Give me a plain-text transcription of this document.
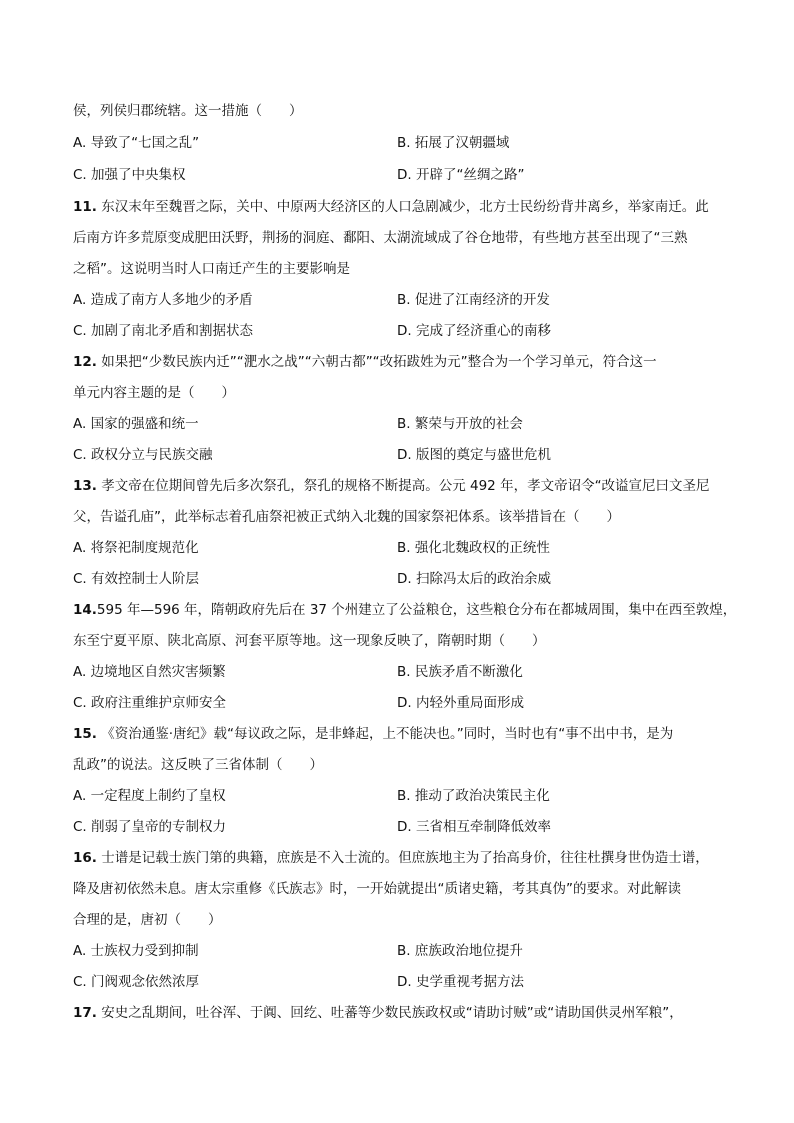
侯，列侯归郡统辖。这一措施（　　）
A. 导致了“七国之乱”	B. 拓展了汉朝疆域
C. 加强了中央集权	D. 开辟了“丝绸之路”
11. 东汉末年至魏晋之际，关中、中原两大经济区的人口急剧减少，北方士民纷纷背井离乡，举家南迁。此
后南方许多荒原变成肥田沃野，荆扬的洞庭、鄱阳、太湖流域成了谷仓地带，有些地方甚至出现了“三熟
之稻”。这说明当时人口南迁产生的主要影响是
A. 造成了南方人多地少的矛盾	B. 促进了江南经济的开发
C. 加剧了南北矛盾和割据状态	D. 完成了经济重心的南移
12. 如果把“少数民族内迁”“淝水之战”“六朝古都”“改拓跋姓为元”整合为一个学习单元，符合这一
单元内容主题的是（　　）
A. 国家的强盛和统一	B. 繁荣与开放的社会
C. 政权分立与民族交融	D. 版图的奠定与盛世危机
13. 孝文帝在位期间曾先后多次祭孔，祭孔的规格不断提高。公元 492 年，孝文帝诏令“改谥宣尼曰文圣尼
父，告谥孔庙”，此举标志着孔庙祭祀被正式纳入北魏的国家祭祀体系。该举措旨在（　　）
A. 将祭祀制度规范化	B. 强化北魏政权的正统性
C. 有效控制士人阶层	D. 扫除冯太后的政治余威
14.595 年—596 年，隋朝政府先后在 37 个州建立了公益粮仓，这些粮仓分布在都城周围，集中在西至敦煌，
东至宁夏平原、陕北高原、河套平原等地。这一现象反映了，隋朝时期（　　）
A. 边境地区自然灾害频繁	B. 民族矛盾不断激化
C. 政府注重维护京师安全	D. 内轻外重局面形成
15. 《资治通鉴·唐纪》载“每议政之际，是非蜂起，上不能决也。”同时，当时也有“事不出中书，是为
乱政”的说法。这反映了三省体制（　　）
A. 一定程度上制约了皇权	B. 推动了政治决策民主化
C. 削弱了皇帝的专制权力	D. 三省相互牵制降低效率
16. 士谱是记载士族门第的典籍，庶族是不入士流的。但庶族地主为了抬高身价，往往杜撰身世伪造士谱，
降及唐初依然未息。唐太宗重修《氏族志》时，一开始就提出“质诸史籍，考其真伪”的要求。对此解读
合理的是，唐初（　　）
A. 士族权力受到抑制	B. 庶族政治地位提升
C. 门阀观念依然浓厚	D. 史学重视考据方法
17. 安史之乱期间，吐谷浑、于阗、回纥、吐蕃等少数民族政权或“请助讨贼”或“请助国供灵州军粮”，
